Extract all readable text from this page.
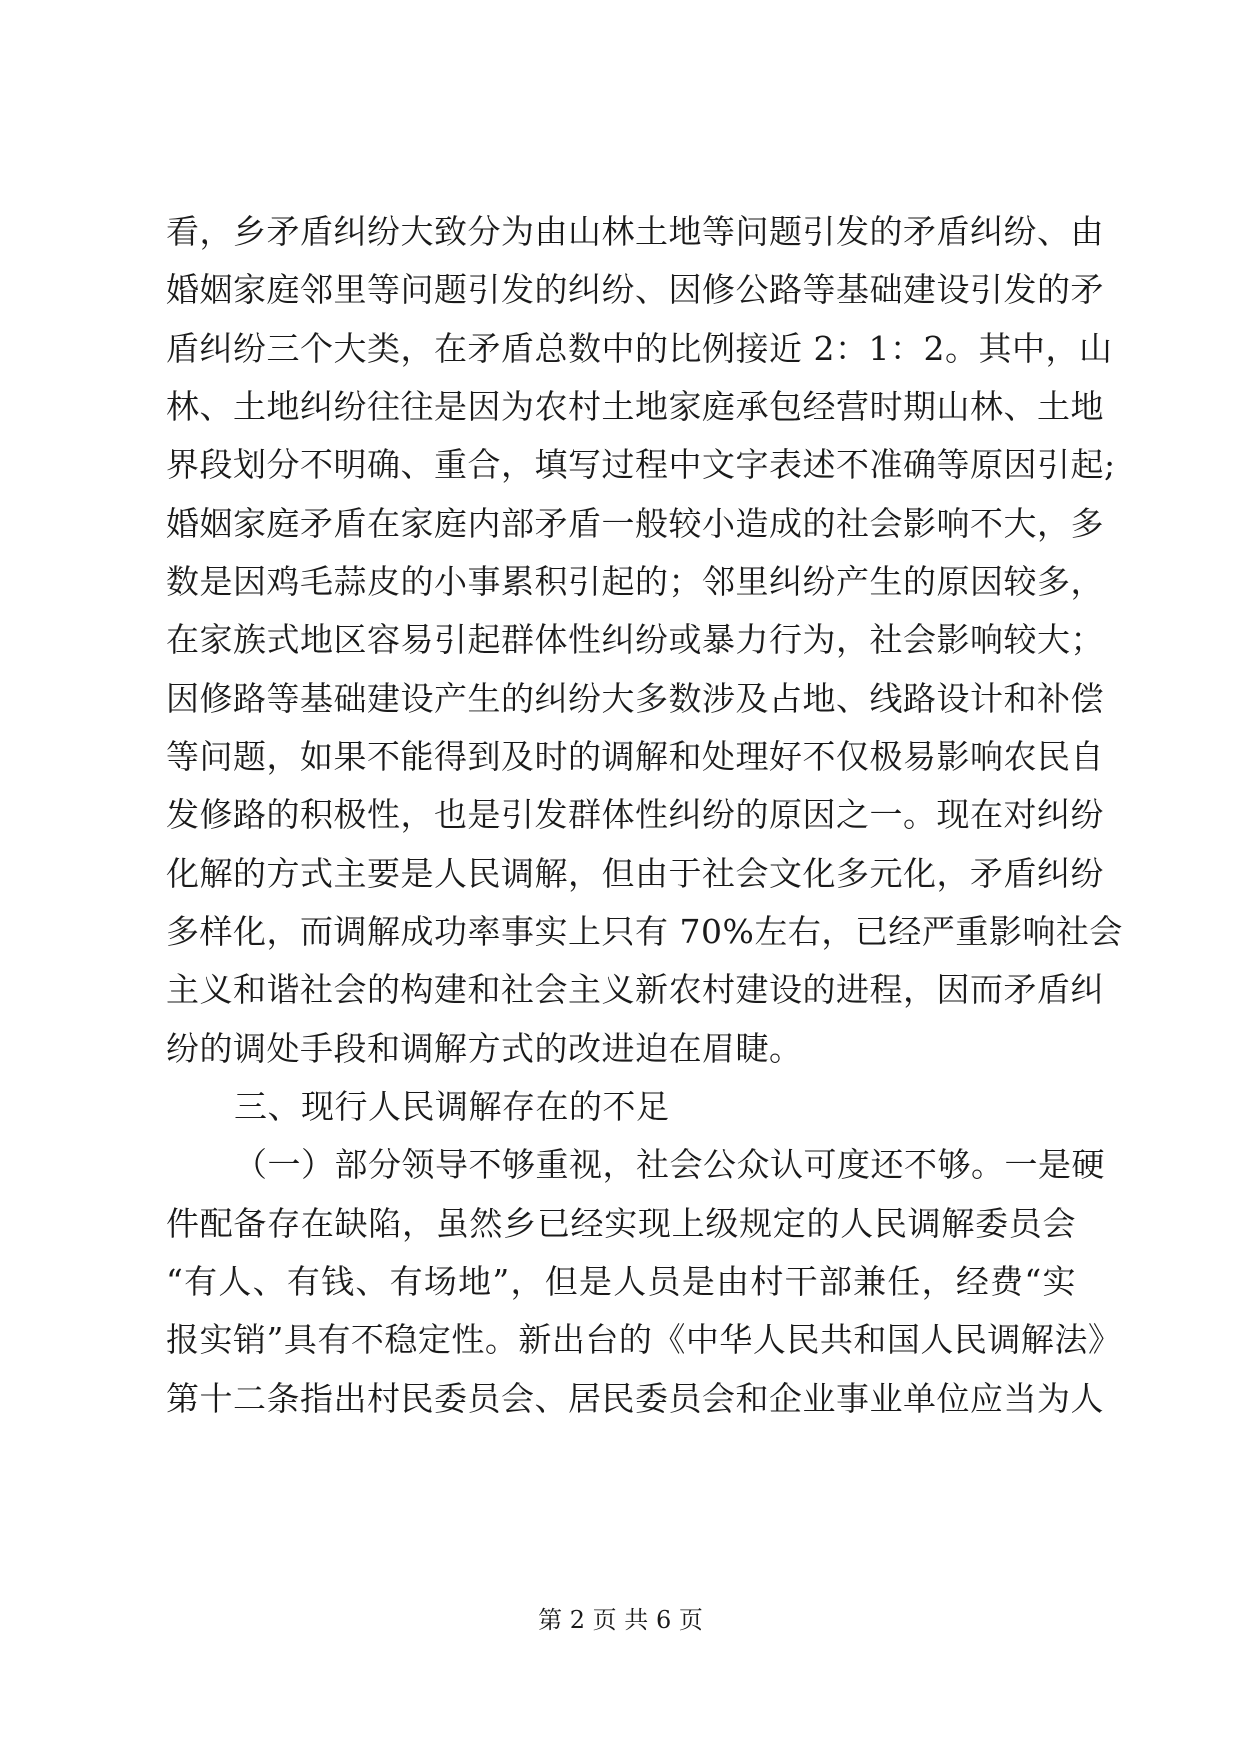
看，乡矛盾纠纷大致分为由山林土地等问题引发的矛盾纠纷、由
婚姻家庭邻里等问题引发的纠纷、因修公路等基础建设引发的矛
盾纠纷三个大类，在矛盾总数中的比例接近 2：1：2。其中，山
林、土地纠纷往往是因为农村土地家庭承包经营时期山林、土地
界段划分不明确、重合，填写过程中文字表述不准确等原因引起;
婚姻家庭矛盾在家庭内部矛盾一般较小造成的社会影响不大，多
数是因鸡毛蒜皮的小事累积引起的；邻里纠纷产生的原因较多，
在家族式地区容易引起群体性纠纷或暴力行为，社会影响较大；
因修路等基础建设产生的纠纷大多数涉及占地、线路设计和补偿
等问题，如果不能得到及时的调解和处理好不仅极易影响农民自
发修路的积极性，也是引发群体性纠纷的原因之一。现在对纠纷
化解的方式主要是人民调解，但由于社会文化多元化，矛盾纠纷
多样化，而调解成功率事实上只有 70%左右，已经严重影响社会
主义和谐社会的构建和社会主义新农村建设的进程，因而矛盾纠
纷的调处手段和调解方式的改进迫在眉睫。
三、现行人民调解存在的不足
（一）部分领导不够重视，社会公众认可度还不够。一是硬
件配备存在缺陷，虽然乡已经实现上级规定的人民调解委员会
“有人、有钱、有场地”，但是人员是由村干部兼任，经费“实
报实销”具有不稳定性。新出台的《中华人民共和国人民调解法》
第十二条指出村民委员会、居民委员会和企业事业单位应当为人
第 2 页 共 6 页
